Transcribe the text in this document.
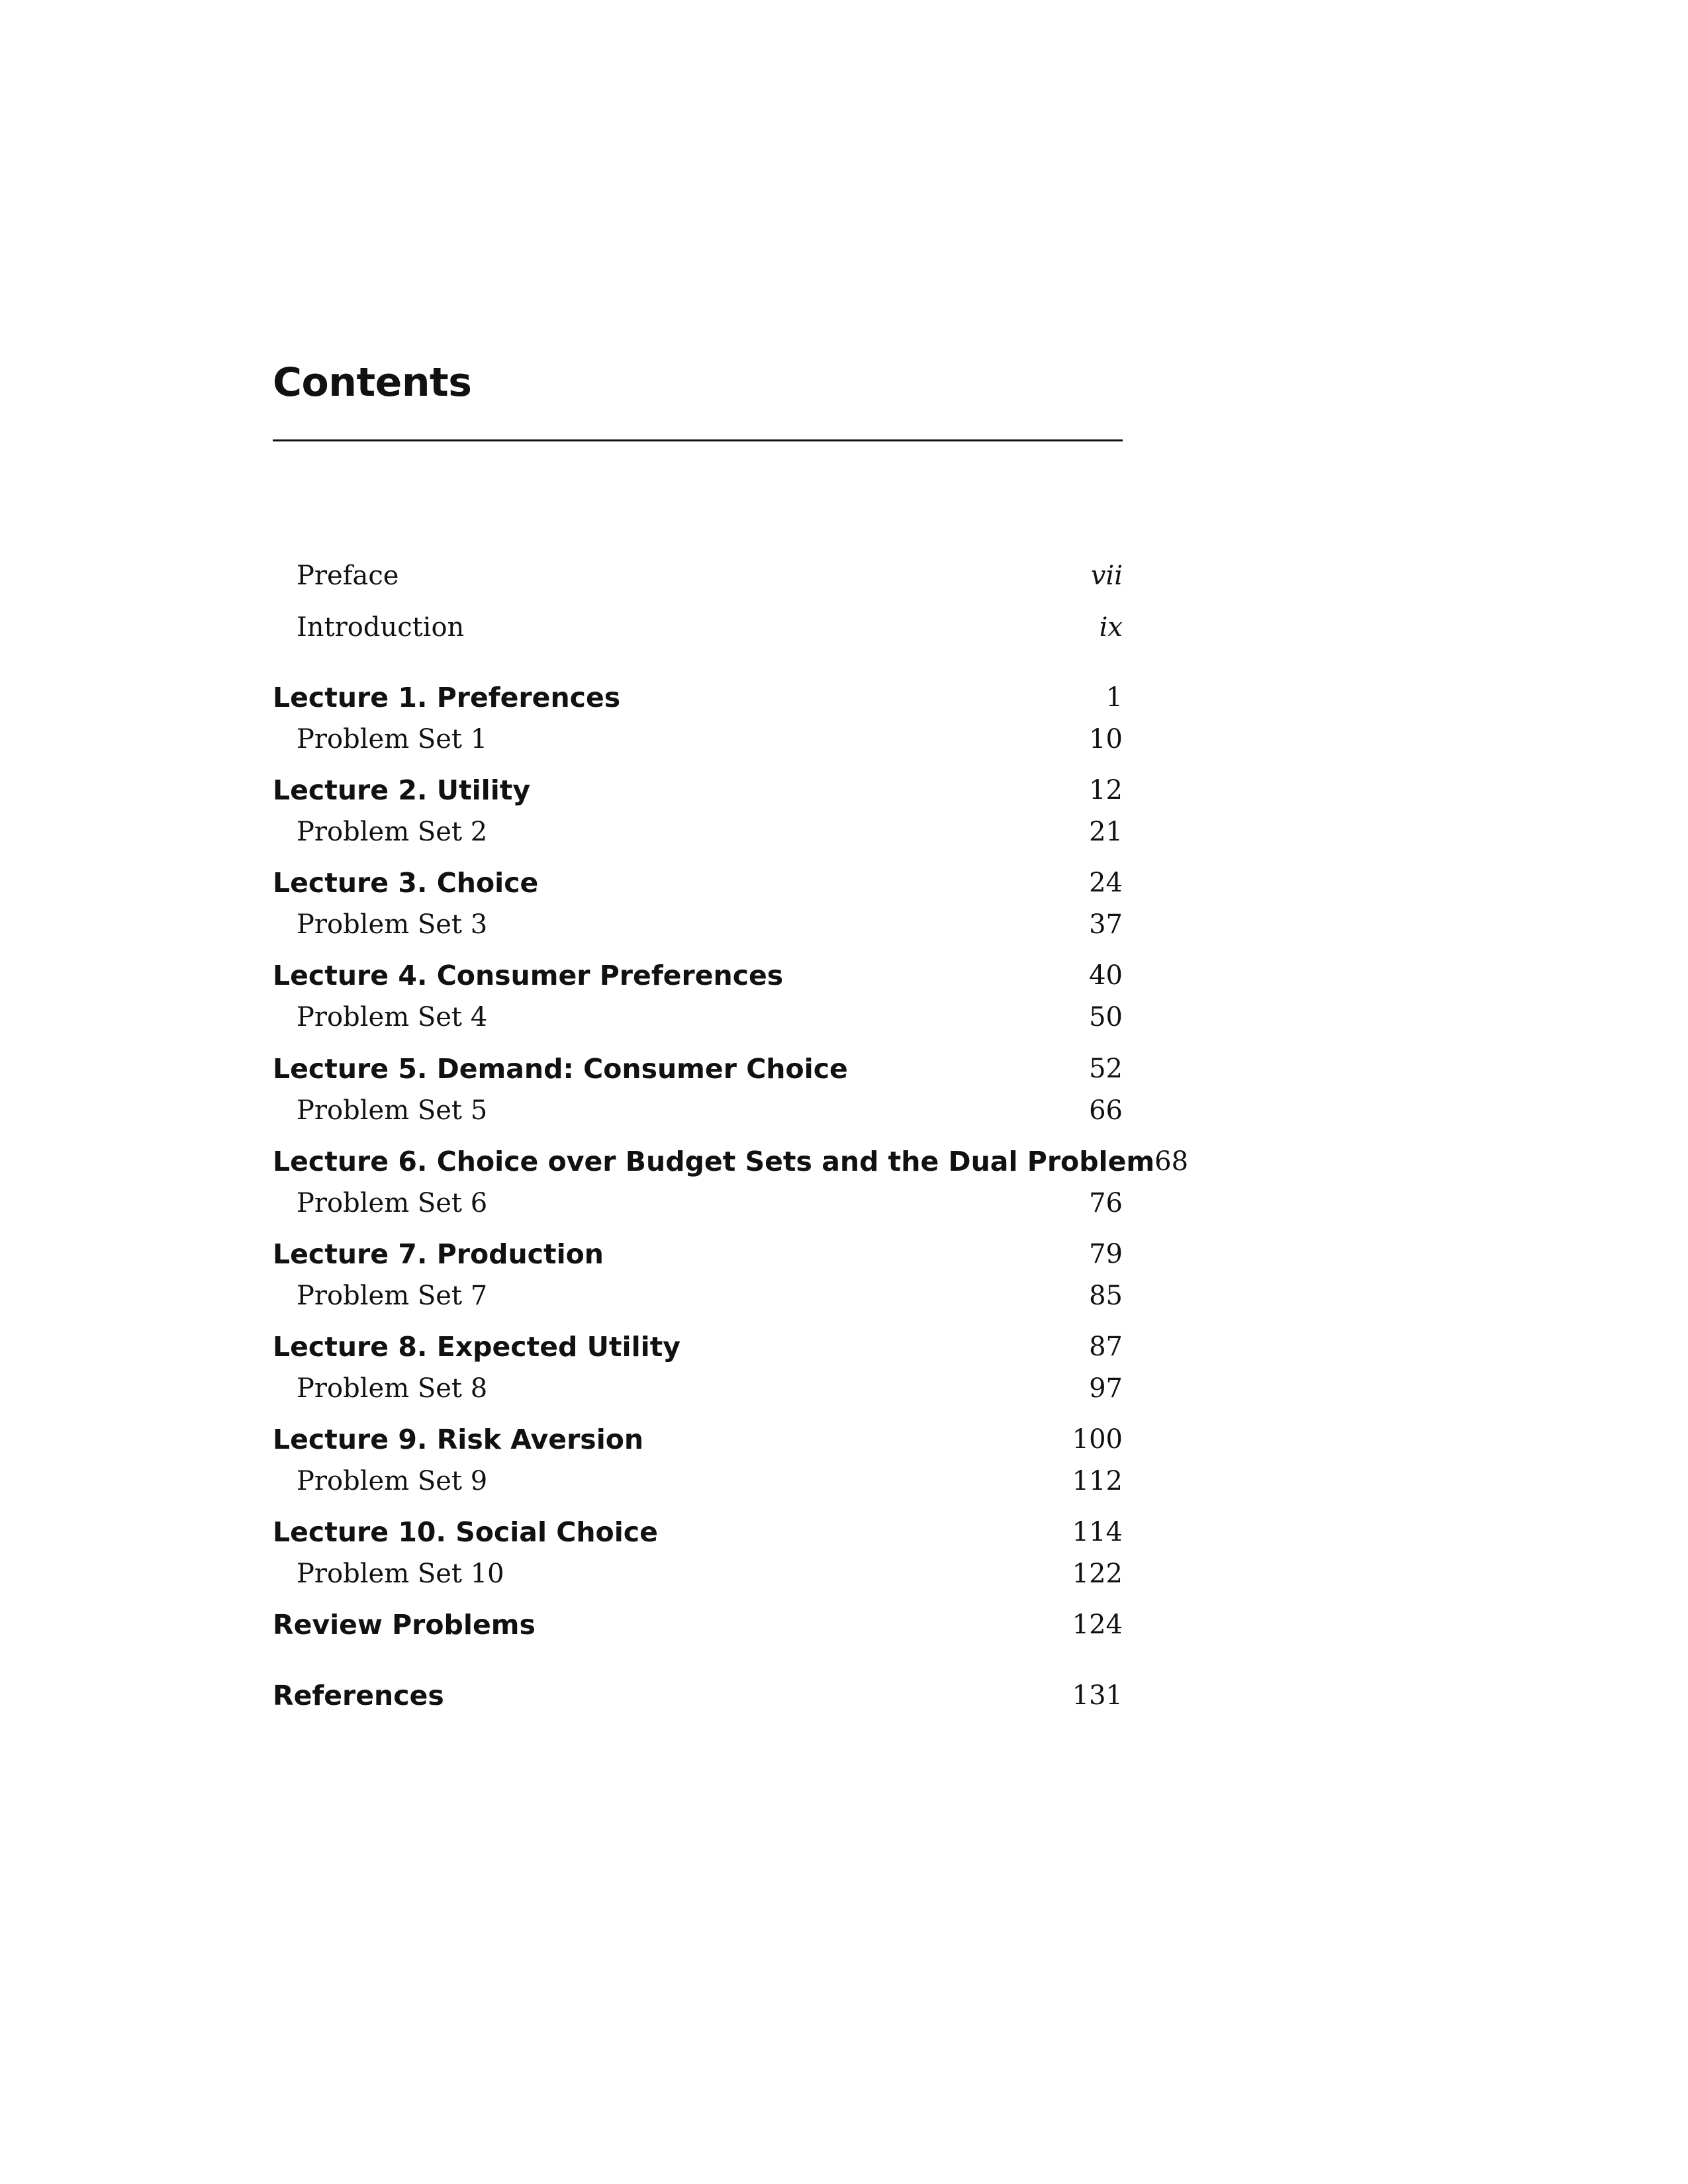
Contents
Preface	vii
Introduction	ix
Lecture 1. Preferences	1
Problem Set 1	10
Lecture 2. Utility	12
Problem Set 2	21
Lecture 3. Choice	24
Problem Set 3	37
Lecture 4. Consumer Preferences	40
Problem Set 4	50
Lecture 5. Demand: Consumer Choice	52
Problem Set 5	66
Lecture 6. Choice over Budget Sets and the Dual Problem 68
Problem Set 6	76
Lecture 7. Production	79
Problem Set 7	85
Lecture 8. Expected Utility	87
Problem Set 8	97
Lecture 9. Risk Aversion	100
Problem Set 9	112
Lecture 10. Social Choice	114
Problem Set 10	122
Review Problems	124
References	131
